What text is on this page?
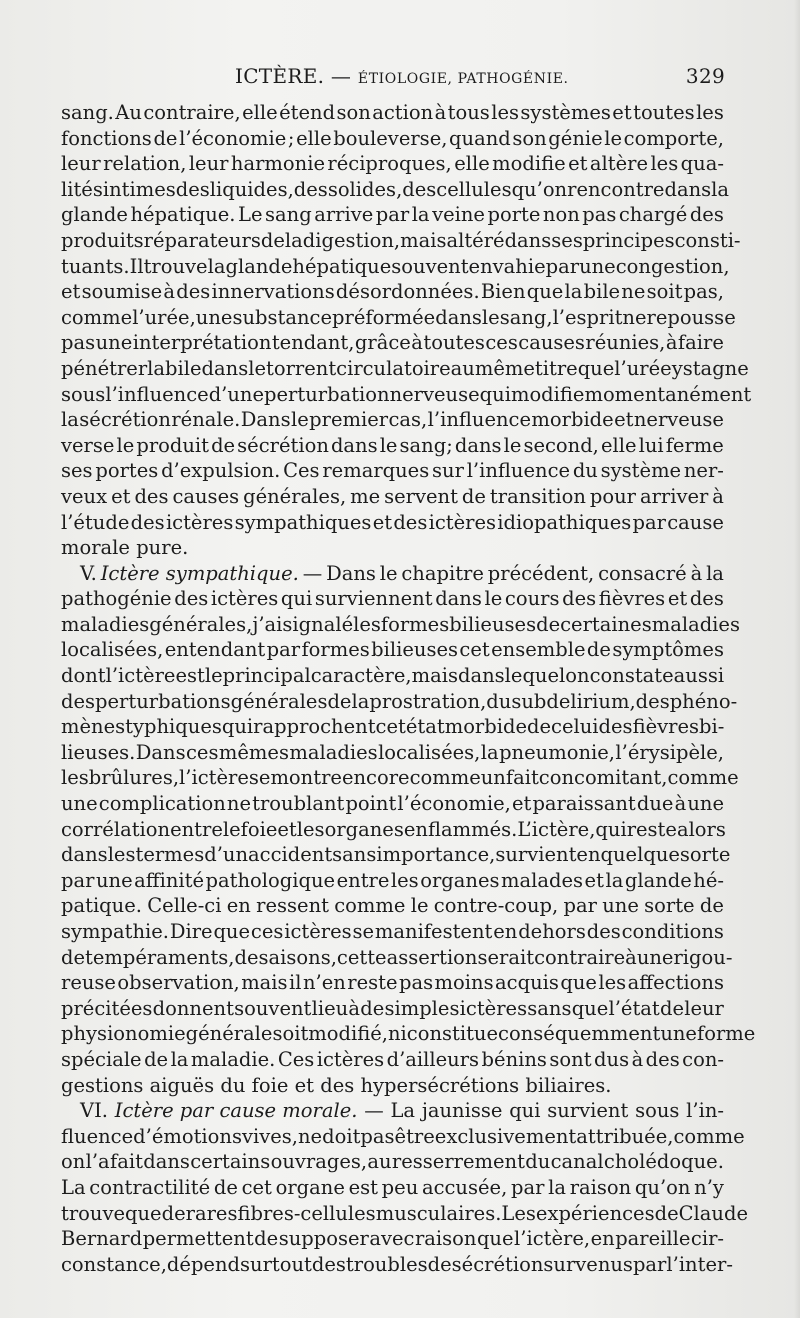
ICTÈRE. — ÉTIOLOGIE, PATHOGÉNIE.	329
sang. Au contraire, elle étend son action à tous les systèmes et toutes les
fonctions de l’économie ; elle bouleverse, quand son génie le comporte,
leur relation, leur harmonie réciproques, elle modifie et altère les qua-
lités intimes des liquides, des solides, des cellules qu’on rencontre dans la
glande hépatique. Le sang arrive par la veine porte non pas chargé des
produits réparateurs de la digestion, mais altéré dans ses principes consti-
tuants. Il trouve la glande hépatique souvent envahie par une congestion,
et soumise à des innervations désordonnées. Bien que la bile ne soit pas,
comme l’urée, une substance préformée dans le sang, l’esprit ne repousse
pas une interprétation tendant, grâce à toutes ces causes réunies, à faire
pénétrer la bile dans le torrent circulatoire au même titre que l’urée y stagne
sous l’influence d’une perturbation nerveuse qui modifie momentanément
la sécrétion rénale. Dans le premier cas, l’influence morbide et nerveuse
verse le produit de sécrétion dans le sang; dans le second, elle lui ferme
ses portes d’expulsion. Ces remarques sur l’influence du système ner-
veux et des causes générales, me servent de transition pour arriver à
l’étude des ictères sympathiques et des ictères idiopathiques par cause
morale pure.
V. Ictère sympathique. — Dans le chapitre précédent, consacré à la
pathogénie des ictères qui surviennent dans le cours des fièvres et des
maladies générales, j’ai signalé les formes bilieuses de certaines maladies
localisées, entendant par formes bilieuses cet ensemble de symptômes
dont l’ictère est le principal caractère, mais dans lequel on constate aussi
des perturbations générales de la prostration, du subdelirium, des phéno-
mènes typhiques qui rapprochent cet état morbide de celui des fièvres bi-
lieuses. Dans ces mêmes maladies localisées, la pneumonie, l’érysipèle,
les brûlures, l’ictère se montre encore comme un fait concomitant, comme
une complication ne troublant point l’économie, et paraissant due à une
corrélation entre le foie et les organes enflammés. L’ictère, qui reste alors
dans les termes d’un accident sans importance, survient en quelque sorte
par une affinité pathologique entre les organes malades et la glande hé-
patique. Celle-ci en ressent comme le contre-coup, par une sorte de
sympathie. Dire que ces ictères se manifestent en dehors des conditions
de tempéraments, de saisons, cette assertion serait contraire à une rigou-
reuse observation, mais il n’en reste pas moins acquis que les affections
précitées donnent souvent lieu à de simples ictères sans que l’état de leur
physionomie générale soit modifié, ni constitue conséquemment une forme
spéciale de la maladie. Ces ictères d’ailleurs bénins sont dus à des con-
gestions aiguës du foie et des hypersécrétions biliaires.
VI. Ictère par cause morale. — La jaunisse qui survient sous l’in-
fluence d’émotions vives, ne doit pas être exclusivement attribuée, comme
on l’a fait dans certains ouvrages, au resserrement du canal cholédoque.
La contractilité de cet organe est peu accusée, par la raison qu’on n’y
trouve que de rares fibres-cellules musculaires. Les expériences de Claude
Bernard permettent de supposer avec raison que l’ictère, en pareille cir-
constance, dépend surtout des troubles de sécrétion survenus par l’inter-
